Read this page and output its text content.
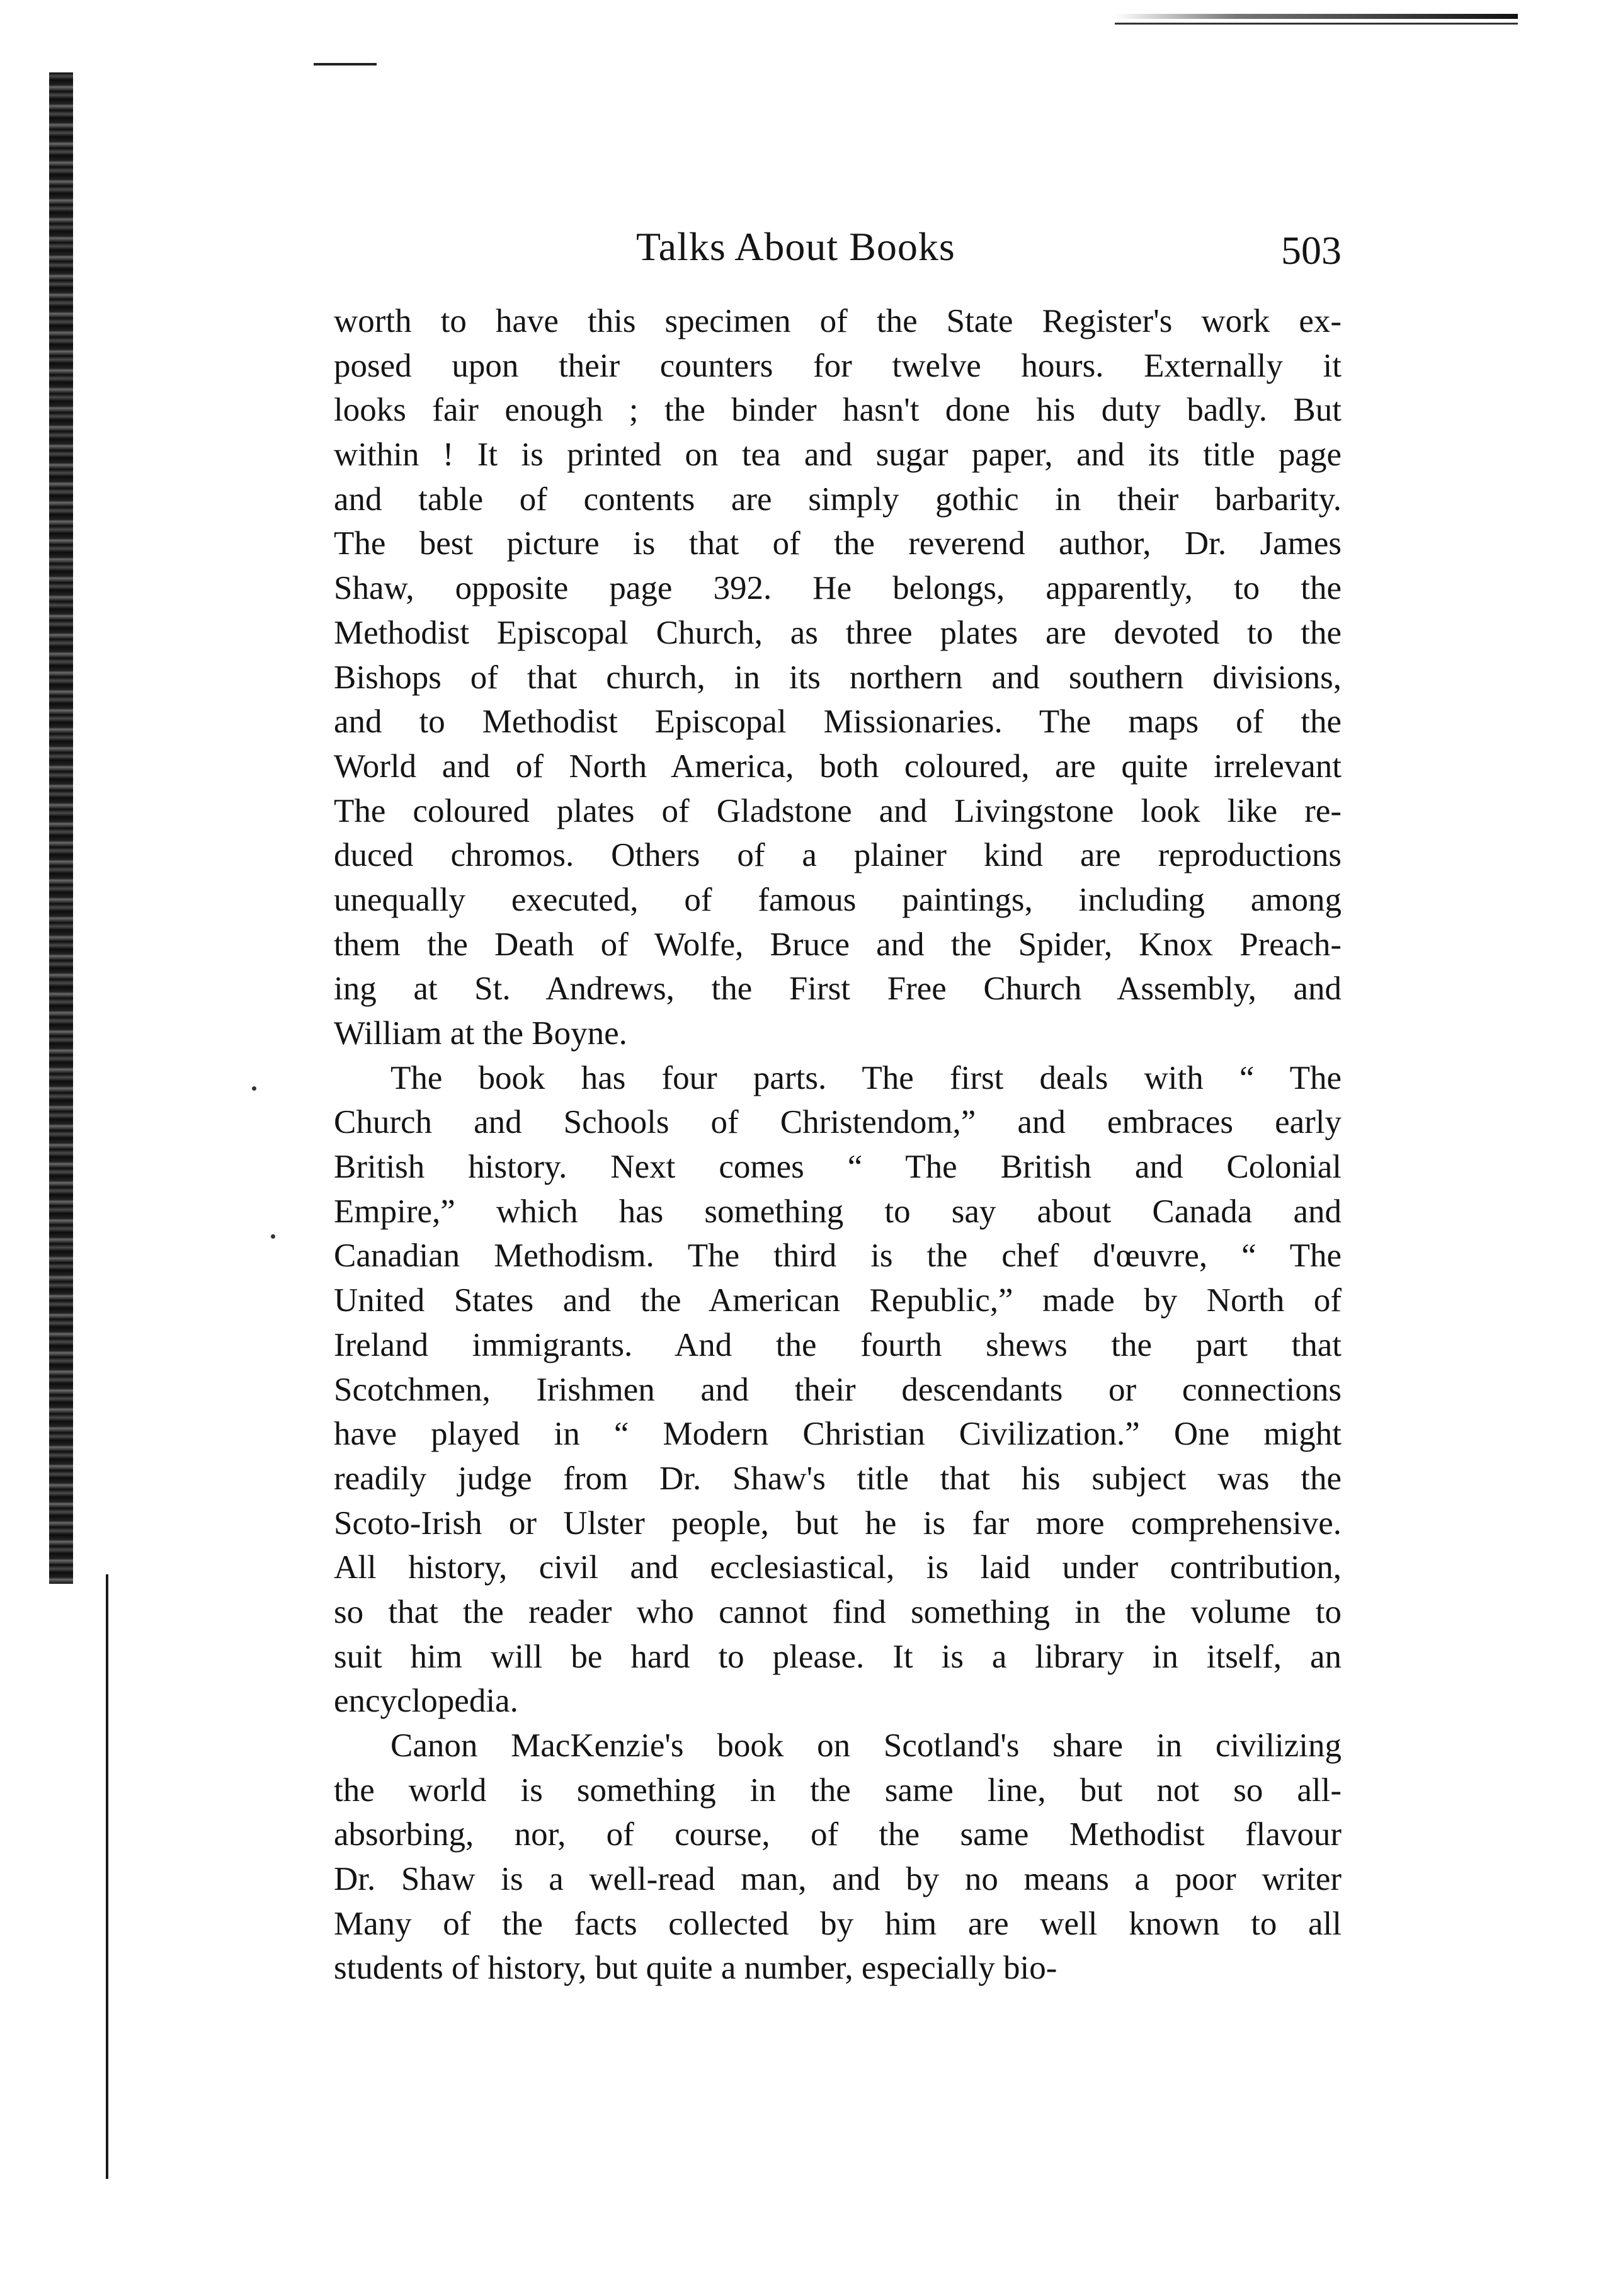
Talks About Books	503
worth to have this specimen of the State Register's work ex-
posed upon their counters for twelve hours. Externally it
looks fair enough ; the binder hasn't done his duty badly. But
within ! It is printed on tea and sugar paper, and its title page
and table of contents are simply gothic in their barbarity.
The best picture is that of the reverend author, Dr. James
Shaw, opposite page 392. He belongs, apparently, to the
Methodist Episcopal Church, as three plates are devoted to the
Bishops of that church, in its northern and southern divisions,
and to Methodist Episcopal Missionaries. The maps of the
World and of North America, both coloured, are quite irrelevant
The coloured plates of Gladstone and Livingstone look like re-
duced chromos. Others of a plainer kind are reproductions
unequally executed, of famous paintings, including among
them the Death of Wolfe, Bruce and the Spider, Knox Preach-
ing at St. Andrews, the First Free Church Assembly, and
William at the Boyne.
The book has four parts. The first deals with “ The
Church and Schools of Christendom,” and embraces early
British history. Next comes “ The British and Colonial
Empire,” which has something to say about Canada and
Canadian Methodism. The third is the chef d'œuvre, “ The
United States and the American Republic,” made by North of
Ireland immigrants. And the fourth shews the part that
Scotchmen, Irishmen and their descendants or connections
have played in “ Modern Christian Civilization.” One might
readily judge from Dr. Shaw's title that his subject was the
Scoto-Irish or Ulster people, but he is far more comprehensive.
All history, civil and ecclesiastical, is laid under contribution,
so that the reader who cannot find something in the volume to
suit him will be hard to please. It is a library in itself, an
encyclopedia.
Canon MacKenzie's book on Scotland's share in civilizing
the world is something in the same line, but not so all-
absorbing, nor, of course, of the same Methodist flavour
Dr. Shaw is a well-read man, and by no means a poor writer
Many of the facts collected by him are well known to all
students of history, but quite a number, especially bio-
